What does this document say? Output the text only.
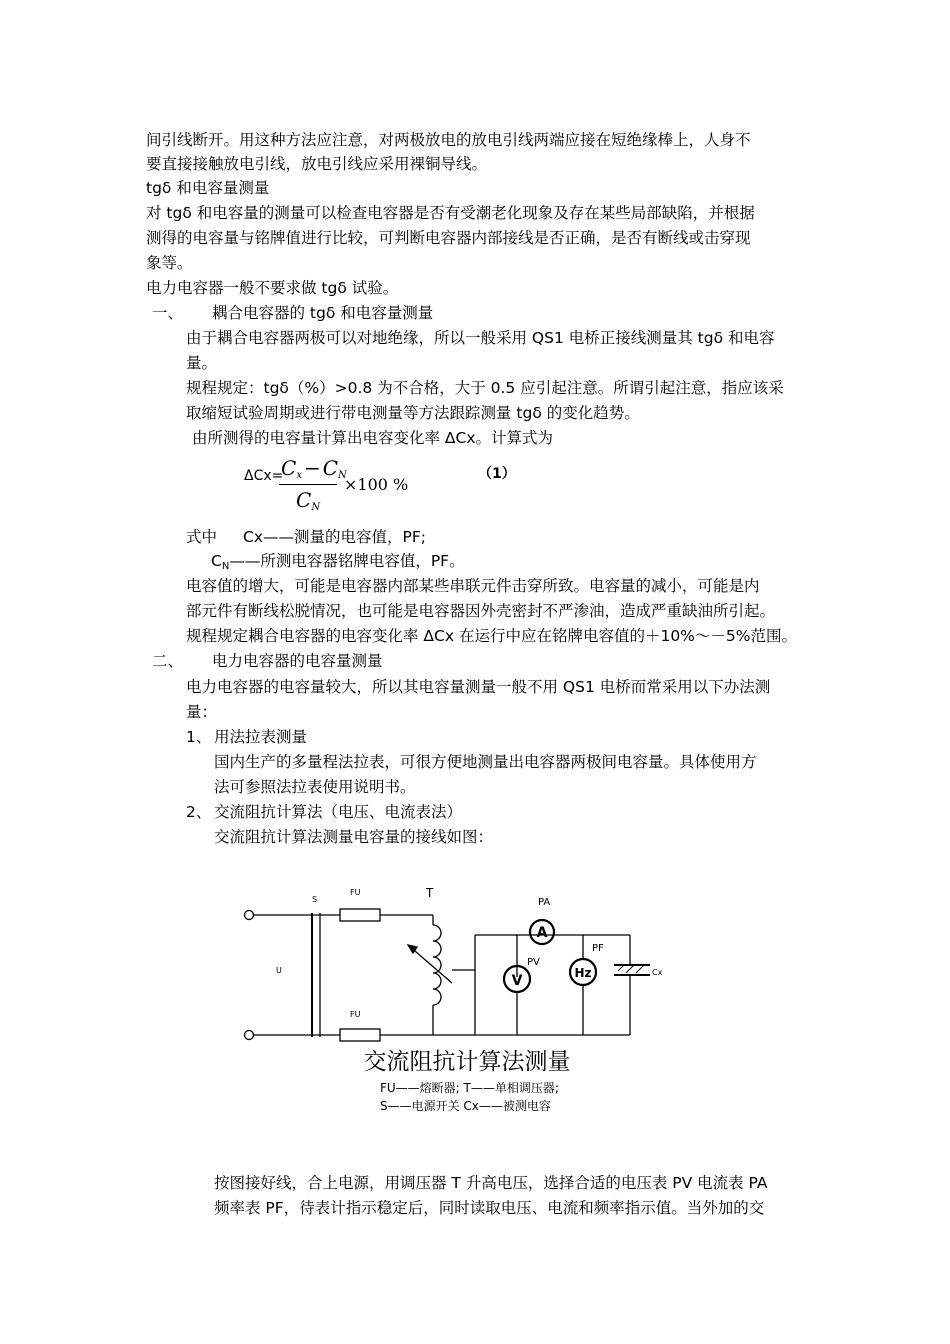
间引线断开。用这种方法应注意，对两极放电的放电引线两端应接在短绝缘棒上，人身不
要直接接触放电引线，放电引线应采用裸铜导线。
tgδ 和电容量测量
对 tgδ 和电容量的测量可以检查电容器是否有受潮老化现象及存在某些局部缺陷，并根据
测得的电容量与铭牌值进行比较，可判断电容器内部接线是否正确，是否有断线或击穿现
象等。
电力电容器一般不要求做 tgδ 试验。
一、 耦合电容器的 tgδ 和电容量测量
由于耦合电容器两极可以对地绝缘，所以一般采用 QS1 电桥正接线测量其 tgδ 和电容
量。
规程规定：tgδ（%）>0.8 为不合格，大于 0.5 应引起注意。所谓引起注意，指应该采
取缩短试验周期或进行带电测量等方法跟踪测量 tgδ 的变化趋势。
由所测得的电容量计算出电容变化率 ΔCx。计算式为
ΔCx=
$C_x - C_N$
$C_N$
×100 %
（1）
式中 Cx——测量的电容值，PF;
$C_N——$所测电容器铭牌电容值，PF。
电容值的增大，可能是电容器内部某些串联元件击穿所致。电容量的减小，可能是内
部元件有断线松脱情况，也可能是电容器因外壳密封不严渗油，造成严重缺油所引起。
规程规定耦合电容器的电容变化率 ΔCx 在运行中应在铭牌电容值的＋10%～－5%范围。
二、 电力电容器的电容量测量
电力电容器的电容量较大，所以其电容量测量一般不用 QS1 电桥而常采用以下办法测
量：
1、 用法拉表测量
国内生产的多量程法拉表，可很方便地测量出电容器两极间电容量。具体使用方
法可参照法拉表使用说明书。
2、 交流阻抗计算法（电压、电流表法）
交流阻抗计算法测量电容量的接线如图：
S
FU
FU
U	Cx
T
PA
PV
PF
A
V	Hz
交流阻抗计算法测量
FU——熔断器; T——单相调压器;
S——电源开关 Cx——被测电容
按图接好线，合上电源，用调压器 T 升高电压，选择合适的电压表 PV 电流表 PA
频率表 PF，待表计指示稳定后，同时读取电压、电流和频率指示值。当外加的交
